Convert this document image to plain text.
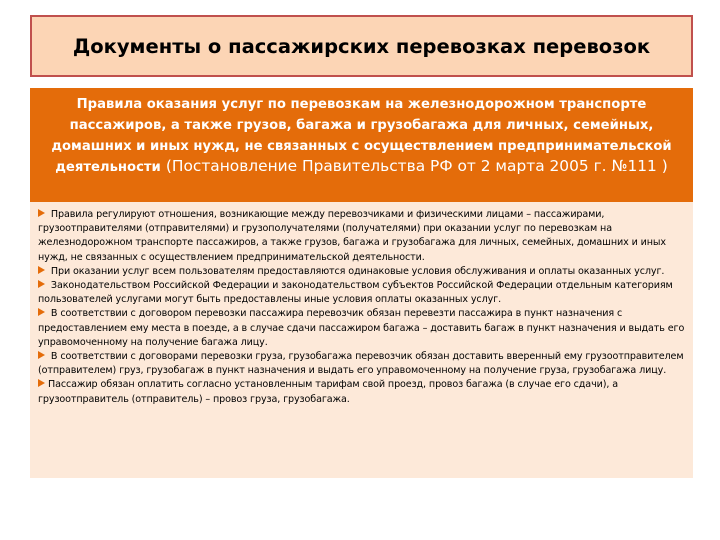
Документы о пассажирских перевозках перевозок
Правила оказания услуг по перевозкам на железнодорожном транспорте пассажиров, а также грузов, багажа и грузобагажа для личных, семейных, домашних и иных нужд, не связанных с осуществлением предпринимательской деятельности (Постановление Правительства РФ от 2 марта 2005 г. №111 )
Правила регулируют отношения, возникающие между перевозчиками и физическими лицами – пассажирами, грузоотправителями (отправителями) и грузополучателями (получателями) при оказании услуг по перевозкам на железнодорожном транспорте пассажиров, а также грузов, багажа и грузобагажа для личных, семейных, домашних и иных нужд, не связанных с осуществлением предпринимательской деятельности.
При оказании услуг всем пользователям предоставляются одинаковые условия обслуживания и оплаты оказанных услуг.
Законодательством Российской Федерации и законодательством субъектов Российской Федерации отдельным категориям пользователей услугами могут быть предоставлены иные условия оплаты оказанных услуг.
В соответствии с договором перевозки пассажира перевозчик обязан перевезти пассажира в пункт назначения с предоставлением ему места в поезде, а в случае сдачи пассажиром багажа – доставить багаж в пункт назначения и выдать его управомоченному на получение багажа лицу.
В соответствии с договорами перевозки груза, грузобагажа перевозчик обязан доставить вверенный ему грузоотправителем (отправителем) груз, грузобагаж в пункт назначения и выдать его управомоченному на получение груза, грузобагажа лицу.
Пассажир обязан оплатить согласно установленным тарифам свой проезд, провоз багажа (в случае его сдачи), а грузоотправитель (отправитель) – провоз груза, грузобагажа.
